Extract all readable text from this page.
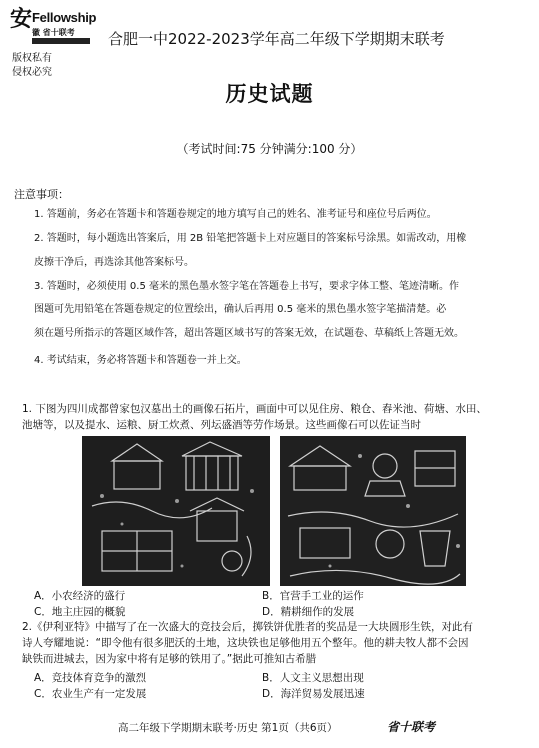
安 Fellowship
徽 省十联考
版权私有
侵权必究
合肥一中2022-2023学年高二年级下学期期末联考
历史试题
（考试时间:75 分钟满分:100 分）
注意事项：
1. 答题前，务必在答题卡和答题卷规定的地方填写自己的姓名、准考证号和座位号后两位。
2. 答题时，每小题选出答案后，用 2B 铅笔把答题卡上对应题目的答案标号涂黑。如需改动，用橡
皮擦干净后，再选涂其他答案标号。
3. 答题时，必须使用 0.5 毫米的黑色墨水签字笔在答题卷上书写，要求字体工整、笔迹清晰。作
图题可先用铅笔在答题卷规定的位置绘出，确认后再用 0.5 毫米的黑色墨水签字笔描清楚。必
须在题号所指示的答题区域作答，超出答题区域书写的答案无效，在试题卷、草稿纸上答题无效。
4. 考试结束，务必将答题卡和答题卷一并上交。
1. 下图为四川成都曾家包汉墓出土的画像石拓片，画面中可以见住房、粮仓、舂米池、荷塘、水田、
池塘等，以及提水、运粮、厨工炊煮、列坛盛酒等劳作场景。这些画像石可以佐证当时
A．小农经济的盛行	B．官营手工业的运作
C．地主庄园的概貌	D．精耕细作的发展
2.《伊利亚特》中描写了在一次盛大的竞技会后，掷铁饼优胜者的奖品是一大块圆形生铁，对此有
诗人夸耀地说：“即令他有很多肥沃的土地，这块铁也足够他用五个整年。他的耕夫牧人都不会因
缺铁而进城去，因为家中将有足够的铁用了。”据此可推知古希腊
A．竞技体育竞争的激烈	B．人文主义思想出现
C．农业生产有一定发展	D．海洋贸易发展迅速
高二年级下学期期末联考·历史 第1页（共6页）	省十联考
